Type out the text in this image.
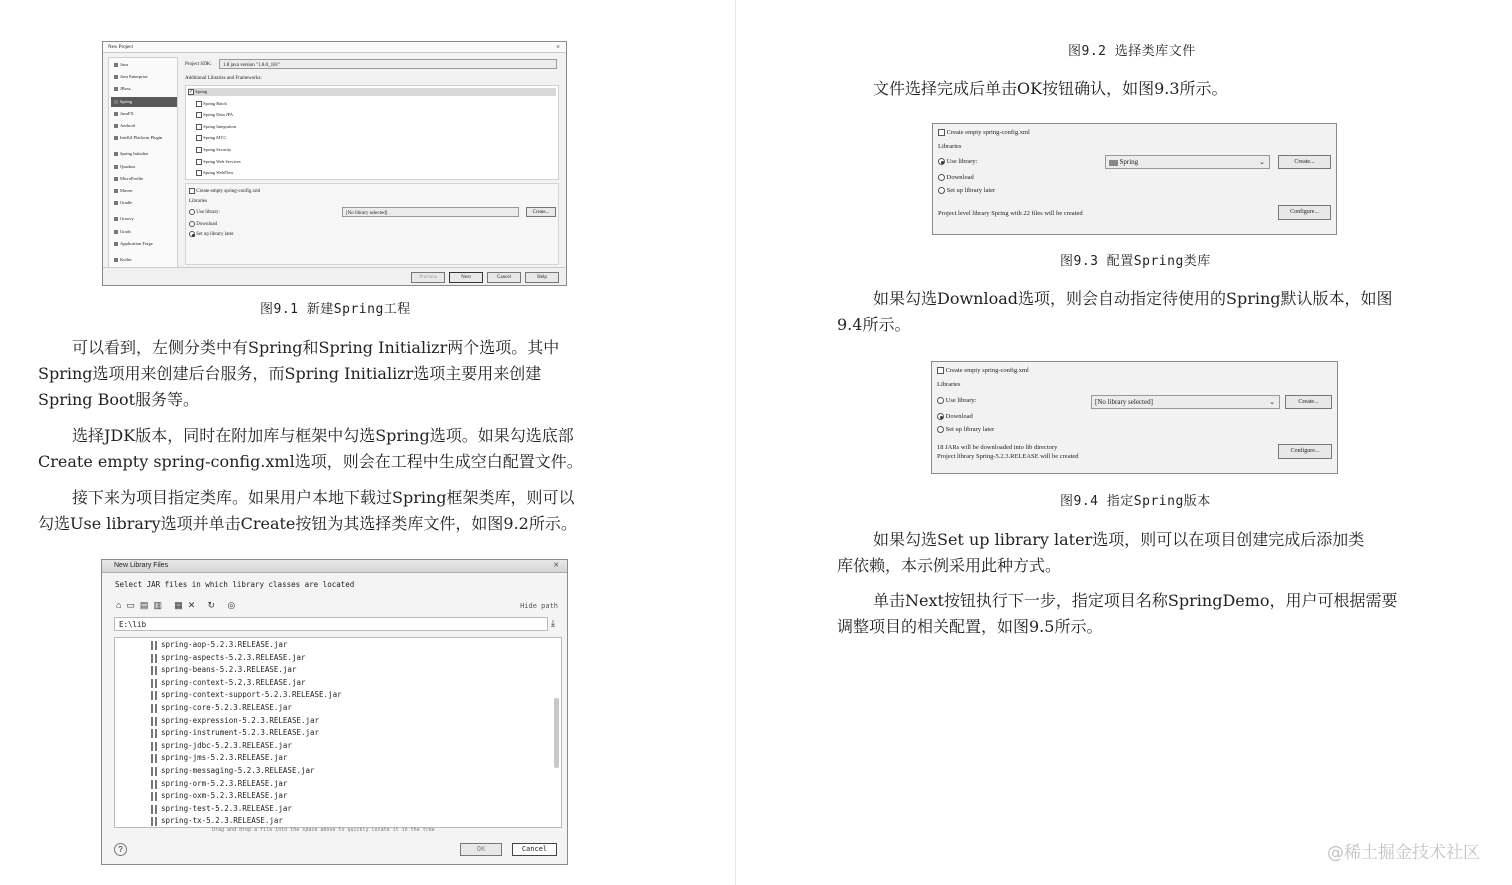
New Project	×
Java
Java Enterprise
JBoss
Spring
JavaFX
Android
IntelliJ Platform Plugin
Spring Initializr
Quarkus
MicroProfile
Maven
Gradle
Groovy
Grails
Application Forge
Kotlin
Project SDK:	1.8 java version "1.8.0_181"
Additional Libraries and Frameworks:
✓ Spring
Spring Batch
Spring Data JPA
Spring Integration
Spring MVC
Spring Security
Spring Web Services
Spring WebFlow
Create empty spring-config.xml
Libraries
Use library:	[No library selected]	Create...
Download
Set up library later
Previous	Next	Cancel	Help
图9.1 新建Spring工程
可以看到，左侧分类中有Spring和Spring Initializr两个选项。其中
Spring选项用来创建后台服务，而Spring Initializr选项主要用来创建
Spring Boot服务等。
选择JDK版本，同时在附加库与框架中勾选Spring选项。如果勾选底部
Create empty spring-config.xml选项，则会在工程中生成空白配置文件。
接下来为项目指定类库。如果用户本地下载过Spring框架类库，则可以
勾选Use library选项并单击Create按钮为其选择类库文件，如图9.2所示。
New Library Files	×
Select JAR files in which library classes are located
⌂▭▤▥ ▦✕ ↻ ◎	Hide path
E:\lib	⤓
spring-aop-5.2.3.RELEASE.jar
spring-aspects-5.2.3.RELEASE.jar
spring-beans-5.2.3.RELEASE.jar
spring-context-5.2.3.RELEASE.jar
spring-context-support-5.2.3.RELEASE.jar
spring-core-5.2.3.RELEASE.jar
spring-expression-5.2.3.RELEASE.jar
spring-instrument-5.2.3.RELEASE.jar
spring-jdbc-5.2.3.RELEASE.jar
spring-jms-5.2.3.RELEASE.jar
spring-messaging-5.2.3.RELEASE.jar
spring-orm-5.2.3.RELEASE.jar
spring-oxm-5.2.3.RELEASE.jar
spring-test-5.2.3.RELEASE.jar
spring-tx-5.2.3.RELEASE.jar
Drag and drop a file into the space above to quickly locate it in the tree
?	OK	Cancel
图9.2 选择类库文件
文件选择完成后单击OK按钮确认，如图9.3所示。
Create empty spring-config.xml
Libraries
Use library:	Spring	⌄	Create...
Download
Set up library later
Project level library Spring with 22 files will be created	Configure...
图9.3 配置Spring类库
如果勾选Download选项，则会自动指定待使用的Spring默认版本，如图
9.4所示。
Create empty spring-config.xml
Libraries
Use library:	[No library selected]	⌄	Create...
Download
Set up library later
18 JARs will be downloaded into lib directory
Project library Spring-5.2.3.RELEASE will be created
Configure...
图9.4 指定Spring版本
如果勾选Set up library later选项，则可以在项目创建完成后添加类
库依赖，本示例采用此种方式。
单击Next按钮执行下一步，指定项目名称SpringDemo，用户可根据需要
调整项目的相关配置，如图9.5所示。
@稀土掘金技术社区
